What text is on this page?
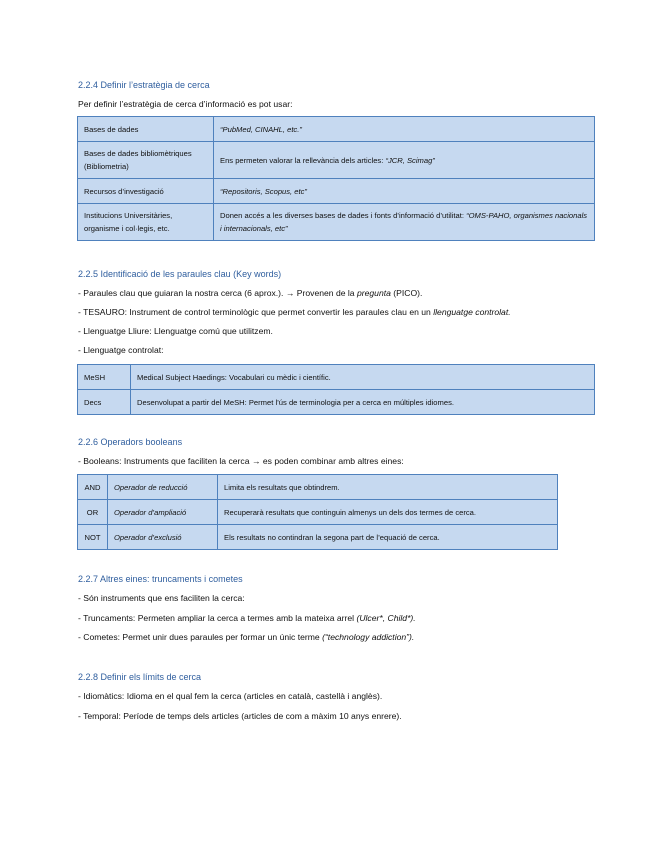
2.2.4 Definir l’estratègia de cerca
Per definir l’estratègia de cerca d’informació es pot usar:
Bases de dades	“PubMed, CINAHL, etc.”
Bases de dades bibliomètriques (Bibliometria)	Ens permeten valorar la rellevància dels articles: “JCR, Scimag”
Recursos d’investigació	“Repositoris, Scopus, etc”
Institucions Universitàries, organisme i col·legis, etc.	Donen accés a les diverses bases de dades i fonts d’informació d’utilitat: “OMS-PAHO, organismes nacionals i internacionals, etc”
2.2.5 Identificació de les paraules clau (Key words)
- Paraules clau que guiaran la nostra cerca (6 aprox.). → Provenen de la pregunta (PICO).
- TESAURO: Instrument de control terminològic que permet convertir les paraules clau en un llenguatge controlat.
- Llenguatge Lliure: Llenguatge comú que utilitzem.
- Llenguatge controlat:
MeSH	Medical Subject Haedings: Vocabulari cu mèdic i científic.
Decs	Desenvolupat a partir del MeSH: Permet l’ús de terminologia per a cerca en múltiples idiomes.
2.2.6 Operadors booleans
- Booleans: Instruments que faciliten la cerca → es poden combinar amb altres eines:
AND	Operador de reducció	Limita els resultats que obtindrem.
OR	Operador d’ampliació	Recuperarà resultats que continguin almenys un dels dos termes de cerca.
NOT	Operador d’exclusió	Els resultats no contindran la segona part de l’equació de cerca.
2.2.7 Altres eines: truncaments i cometes
- Són instruments que ens faciliten la cerca:
- Truncaments: Permeten ampliar la cerca a termes amb la mateixa arrel (Ulcer*, Child*).
- Cometes: Permet unir dues paraules per formar un únic terme (“technology addiction”).
2.2.8 Definir els límits de cerca
- Idiomàtics: Idioma en el qual fem la cerca (articles en català, castellà i anglès).
- Temporal: Període de temps dels articles (articles de com a màxim 10 anys enrere).
